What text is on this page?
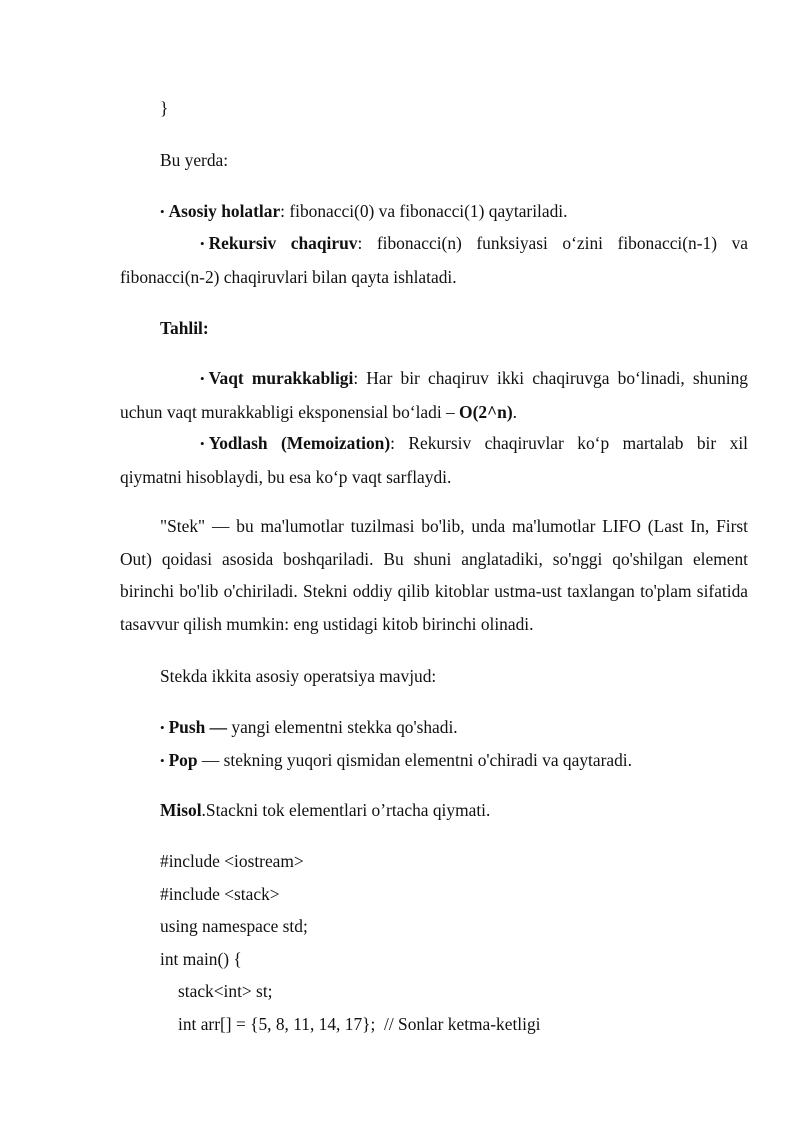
}
Bu yerda:
• Asosiy holatlar: fibonacci(0) va fibonacci(1) qaytariladi.
• Rekursiv chaqiruv: fibonacci(n) funksiyasi o‘zini fibonacci(n-1) va fibonacci(n-2) chaqiruvlari bilan qayta ishlatadi.
Tahlil:
• Vaqt murakkabligi: Har bir chaqiruv ikki chaqiruvga bo‘linadi, shuning uchun vaqt murakkabligi eksponensial bo‘ladi – O(2^n).
• Yodlash (Memoization): Rekursiv chaqiruvlar ko‘p martalab bir xil qiymatni hisoblaydi, bu esa ko‘p vaqt sarflaydi.
"Stek" — bu ma'lumotlar tuzilmasi bo'lib, unda ma'lumotlar LIFO (Last In, First Out) qoidasi asosida boshqariladi. Bu shuni anglatadiki, so'nggi qo'shilgan element birinchi bo'lib o'chiriladi. Stekni oddiy qilib kitoblar ustma-ust taxlangan to'plam sifatida tasavvur qilish mumkin: eng ustidagi kitob birinchi olinadi.
Stekda ikkita asosiy operatsiya mavjud:
• Push — yangi elementni stekka qo'shadi.
• Pop — stekning yuqori qismidan elementni o'chiradi va qaytaradi.
Misol.Stackni tok elementlari o’rtacha qiymati.
#include <iostream>
#include <stack>
using namespace std;
int main() {
stack<int> st;
int arr[] = {5, 8, 11, 14, 17};  // Sonlar ketma-ketligi
